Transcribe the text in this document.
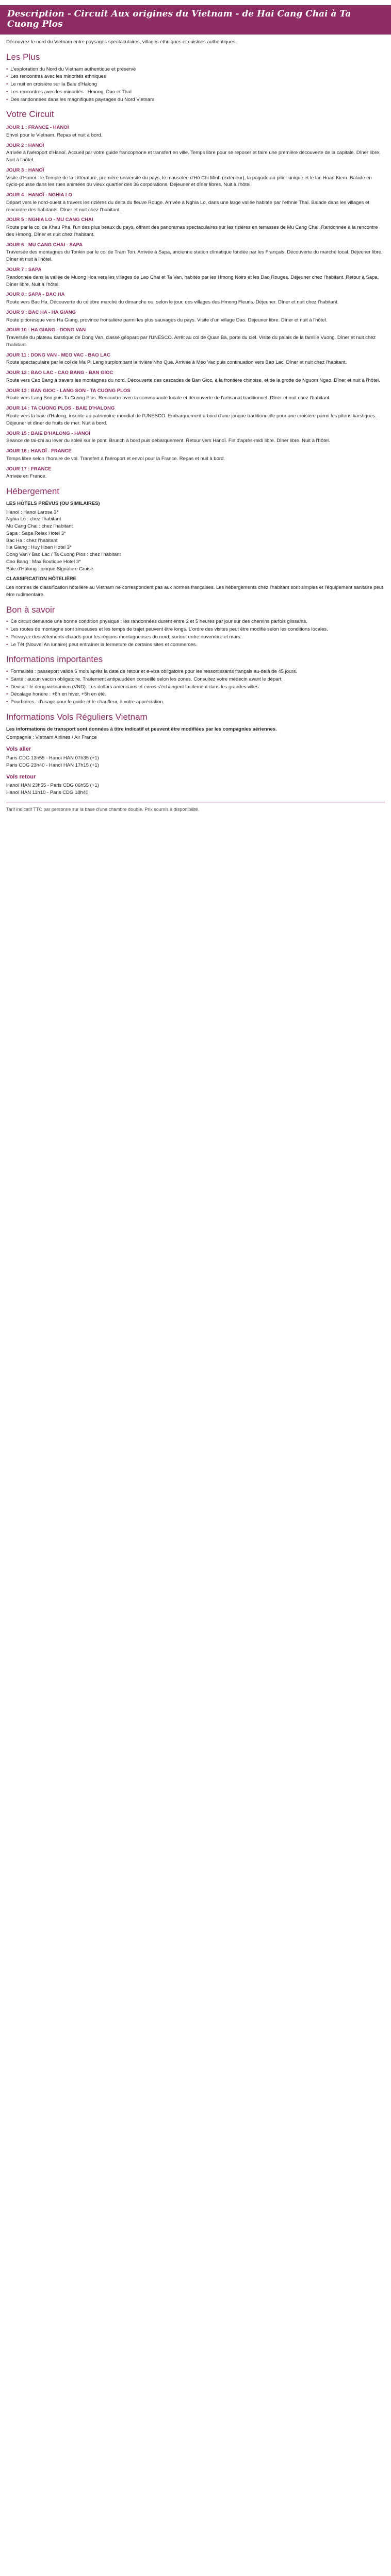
Description - Circuit Aux origines du Vietnam - de Hai Cang Chai à Ta Cuong Plos

Découvrez le nord du Vietnam entre paysages spectaculaires, villages ethniques et cuisines authentiques.

Les Plus
• L'exploration du Nord du Vietnam authentique et préservé
• Les rencontres avec les minorités ethniques
• Le nuit en croisière sur la Baie d'Halong
• Les rencontres avec les minorités : Hmong, Dao et Thaï
• Des randonnées dans les magnifiques paysages du Nord Vietnam
Votre Circuit

JOUR 1 : FRANCE - HANOÏ

Envol pour le Vietnam. Repas et nuit à bord.

JOUR 2 : HANOÏ

Arrivée à l'aéroport d'Hanoï. Accueil par votre guide francophone et transfert en ville. Temps libre pour se reposer et faire une première découverte de la capitale. Dîner libre. Nuit à l'hôtel.

JOUR 3 : HANOÏ

Visite d'Hanoï : le Temple de la Littérature, première université du pays, le mausolée d'Hô Chi Minh (extérieur), la pagode au pilier unique et le lac Hoan Kiem. Balade en cyclo-pousse dans les rues animées du vieux quartier des 36 corporations. Déjeuner et dîner libres. Nuit à l'hôtel.

JOUR 4 : HANOÏ - NGHIA LO

Départ vers le nord-ouest à travers les rizières du delta du fleuve Rouge. Arrivée à Nghia Lo, dans une large vallée habitée par l'ethnie Thaï. Balade dans les villages et rencontre des habitants. Dîner et nuit chez l'habitant.

JOUR 5 : NGHIA LO - MU CANG CHAI

Route par le col de Khau Pha, l'un des plus beaux du pays, offrant des panoramas spectaculaires sur les rizières en terrasses de Mu Cang Chai. Randonnée à la rencontre des Hmong. Dîner et nuit chez l'habitant.

JOUR 6 : MU CANG CHAI - SAPA

Traversée des montagnes du Tonkin par le col de Tram Ton. Arrivée à Sapa, ancienne station climatique fondée par les Français. Découverte du marché local. Déjeuner libre. Dîner et nuit à l'hôtel.

JOUR 7 : SAPA

Randonnée dans la vallée de Muong Hoa vers les villages de Lao Chai et Ta Van, habités par les Hmong Noirs et les Dao Rouges. Déjeuner chez l'habitant. Retour à Sapa. Dîner libre. Nuit à l'hôtel.

JOUR 8 : SAPA - BAC HA

Route vers Bac Ha. Découverte du célèbre marché du dimanche ou, selon le jour, des villages des Hmong Fleuris. Déjeuner. Dîner et nuit chez l'habitant.

JOUR 9 : BAC HA - HA GIANG

Route pittoresque vers Ha Giang, province frontalière parmi les plus sauvages du pays. Visite d'un village Dao. Déjeuner libre. Dîner et nuit à l'hôtel.

JOUR 10 : HA GIANG - DONG VAN

Traversée du plateau karstique de Dong Van, classé géoparc par l'UNESCO. Arrêt au col de Quan Ba, porte du ciel. Visite du palais de la famille Vuong. Dîner et nuit chez l'habitant.

JOUR 11 : DONG VAN - MEO VAC - BAO LAC

Route spectaculaire par le col de Ma Pi Leng surplombant la rivière Nho Que. Arrivée à Meo Vac puis continuation vers Bao Lac. Dîner et nuit chez l'habitant.

JOUR 12 : BAO LAC - CAO BANG - BAN GIOC

Route vers Cao Bang à travers les montagnes du nord. Découverte des cascades de Ban Gioc, à la frontière chinoise, et de la grotte de Nguom Ngao. Dîner et nuit à l'hôtel.

JOUR 13 : BAN GIOC - LANG SON - TA CUONG PLOS

Route vers Lang Son puis Ta Cuong Plos. Rencontre avec la communauté locale et découverte de l'artisanat traditionnel. Dîner et nuit chez l'habitant.

JOUR 14 : TA CUONG PLOS - BAIE D'HALONG

Route vers la baie d'Halong, inscrite au patrimoine mondial de l'UNESCO. Embarquement à bord d'une jonque traditionnelle pour une croisière parmi les pitons karstiques. Déjeuner et dîner de fruits de mer. Nuit à bord.

JOUR 15 : BAIE D'HALONG - HANOÏ

Séance de tai-chi au lever du soleil sur le pont. Brunch à bord puis débarquement. Retour vers Hanoï. Fin d'après-midi libre. Dîner libre. Nuit à l'hôtel.

JOUR 16 : HANOÏ - FRANCE

Temps libre selon l'horaire de vol. Transfert à l'aéroport et envol pour la France. Repas et nuit à bord.

JOUR 17 : FRANCE

Arrivée en France.

Hébergement

LES HÔTELS PRÉVUS (OU SIMILAIRES)

Hanoï : Hanoi Larosa 3*

Nghia Lo : chez l'habitant

Mu Cang Chai : chez l'habitant

Sapa : Sapa Relax Hotel 3*

Bac Ha : chez l'habitant

Ha Giang : Huy Hoan Hotel 3*

Dong Van / Bao Lac / Ta Cuong Plos : chez l'habitant

Cao Bang : Max Boutique Hotel 3*

Baie d'Halong : jonque Signature Cruise

CLASSIFICATION HÔTELIÈRE

Les normes de classification hôtelière au Vietnam ne correspondent pas aux normes françaises. Les hébergements chez l'habitant sont simples et l'équipement sanitaire peut être rudimentaire.

Bon à savoir
• Ce circuit demande une bonne condition physique : les randonnées durent entre 2 et 5 heures par jour sur des chemins parfois glissants.
• Les routes de montagne sont sinueuses et les temps de trajet peuvent être longs. L'ordre des visites peut être modifié selon les conditions locales.
• Prévoyez des vêtements chauds pour les régions montagneuses du nord, surtout entre novembre et mars.
• Le Têt (Nouvel An lunaire) peut entraîner la fermeture de certains sites et commerces.
Informations importantes
• Formalités : passeport valide 6 mois après la date de retour et e-visa obligatoire pour les ressortissants français au-delà de 45 jours.
• Santé : aucun vaccin obligatoire. Traitement antipaludéen conseillé selon les zones. Consultez votre médecin avant le départ.
• Devise : le dong vietnamien (VND). Les dollars américains et euros s'échangent facilement dans les grandes villes.
• Décalage horaire : +6h en hiver, +5h en été.
• Pourboires : d'usage pour le guide et le chauffeur, à votre appréciation.
Informations Vols Réguliers Vietnam

Les informations de transport sont données à titre indicatif et peuvent être modifiées par les compagnies aériennes.

Compagnie : Vietnam Airlines / Air France

Vols aller

Paris CDG 13h55 - Hanoï HAN 07h35 (+1)

Paris CDG 23h40 - Hanoï HAN 17h15 (+1)

Vols retour

Hanoï HAN 23h55 - Paris CDG 06h55 (+1)

Hanoï HAN 11h10 - Paris CDG 18h40

Tarif indicatif TTC par personne sur la base d'une chambre double. Prix soumis à disponibilité.
